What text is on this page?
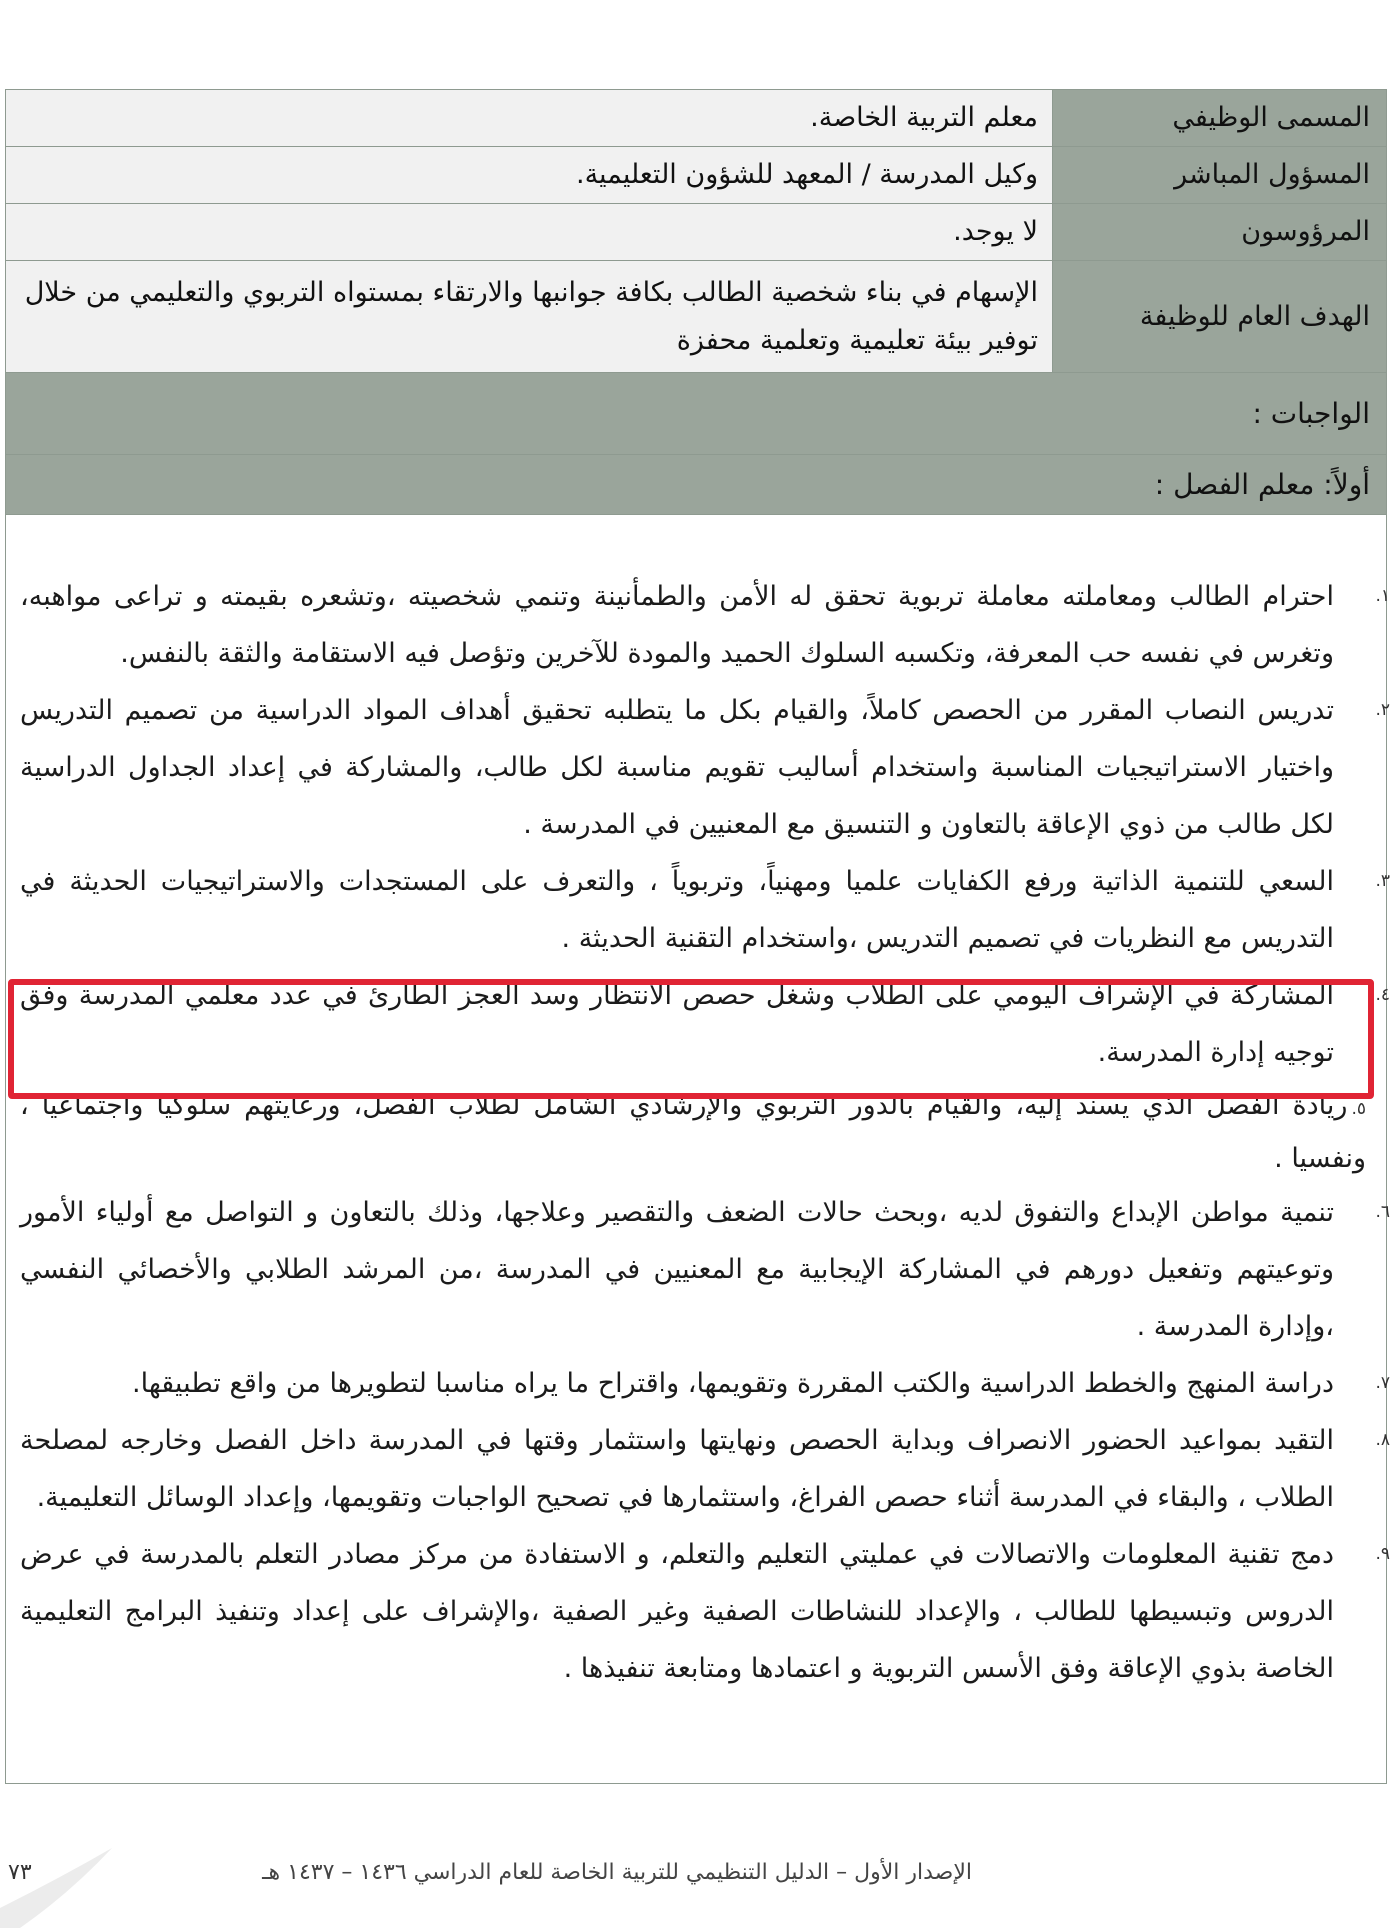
المسمى الوظيفي	معلم التربية الخاصة.
المسؤول المباشر	وكيل المدرسة / المعهد للشؤون التعليمية.
المرؤوسون	لا يوجد.
الهدف العام للوظيفة	الإسهام في بناء شخصية الطالب بكافة جوانبها والارتقاء بمستواه التربوي والتعليمي من خلال توفير بيئة تعليمية وتعلمية محفزة
الواجبات :
أولاً: معلم الفصل :
١.
احترام الطالب ومعاملته معاملة تربوية تحقق له الأمن والطمأنينة وتنمي شخصيته ،وتشعره بقيمته و تراعى مواهبه، وتغرس في نفسه حب المعرفة، وتكسبه السلوك الحميد والمودة للآخرين وتؤصل فيه الاستقامة والثقة بالنفس.
٢.
تدريس النصاب المقرر من الحصص كاملاً، والقيام بكل ما يتطلبه تحقيق أهداف المواد الدراسية من تصميم التدريس واختيار الاستراتيجيات المناسبة واستخدام أساليب تقويم مناسبة لكل طالب، والمشاركة في إعداد الجداول الدراسية لكل طالب من ذوي الإعاقة بالتعاون و التنسيق مع المعنيين في المدرسة .
٣.
السعي للتنمية الذاتية ورفع الكفايات علميا ومهنياً، وتربوياً ، والتعرف على المستجدات والاستراتيجيات الحديثة في التدريس مع النظريات في تصميم التدريس ،واستخدام التقنية الحديثة .
٤.
المشاركة في الإشراف اليومي على الطلاب وشغل حصص الانتظار وسد العجز الطارئ في عدد معلمي المدرسة وفق توجيه إدارة المدرسة.
٥.ريادة الفصل الذي يسند إليه، والقيام بالدور التربوي والإرشادي الشامل لطلاب الفصل، ورعايتهم سلوكيا واجتماعيا ، ونفسيا .
٦.
تنمية مواطن الإبداع والتفوق لديه ،وبحث حالات الضعف والتقصير وعلاجها، وذلك بالتعاون و التواصل مع أولياء الأمور وتوعيتهم وتفعيل دورهم في المشاركة الإيجابية مع المعنيين في المدرسة ،من المرشد الطلابي والأخصائي النفسي ،وإدارة المدرسة .
٧.
دراسة المنهج والخطط الدراسية والكتب المقررة وتقويمها، واقتراح ما يراه مناسبا لتطويرها من واقع تطبيقها.
٨.
التقيد بمواعيد الحضور الانصراف وبداية الحصص ونهايتها واستثمار وقتها في المدرسة داخل الفصل وخارجه لمصلحة الطلاب ، والبقاء في المدرسة أثناء حصص الفراغ، واستثمارها في تصحيح الواجبات وتقويمها، وإعداد الوسائل التعليمية.
٩.
دمج تقنية المعلومات والاتصالات في عمليتي التعليم والتعلم، و الاستفادة من مركز مصادر التعلم بالمدرسة في عرض الدروس وتبسيطها للطالب ، والإعداد للنشاطات الصفية وغير الصفية ،والإشراف على إعداد وتنفيذ البرامج التعليمية الخاصة بذوي الإعاقة وفق الأسس التربوية و اعتمادها ومتابعة تنفيذها .
الإصدار الأول – الدليل التنظيمي للتربية الخاصة للعام الدراسي ١٤٣٦ – ١٤٣٧ هـ
٧٣
